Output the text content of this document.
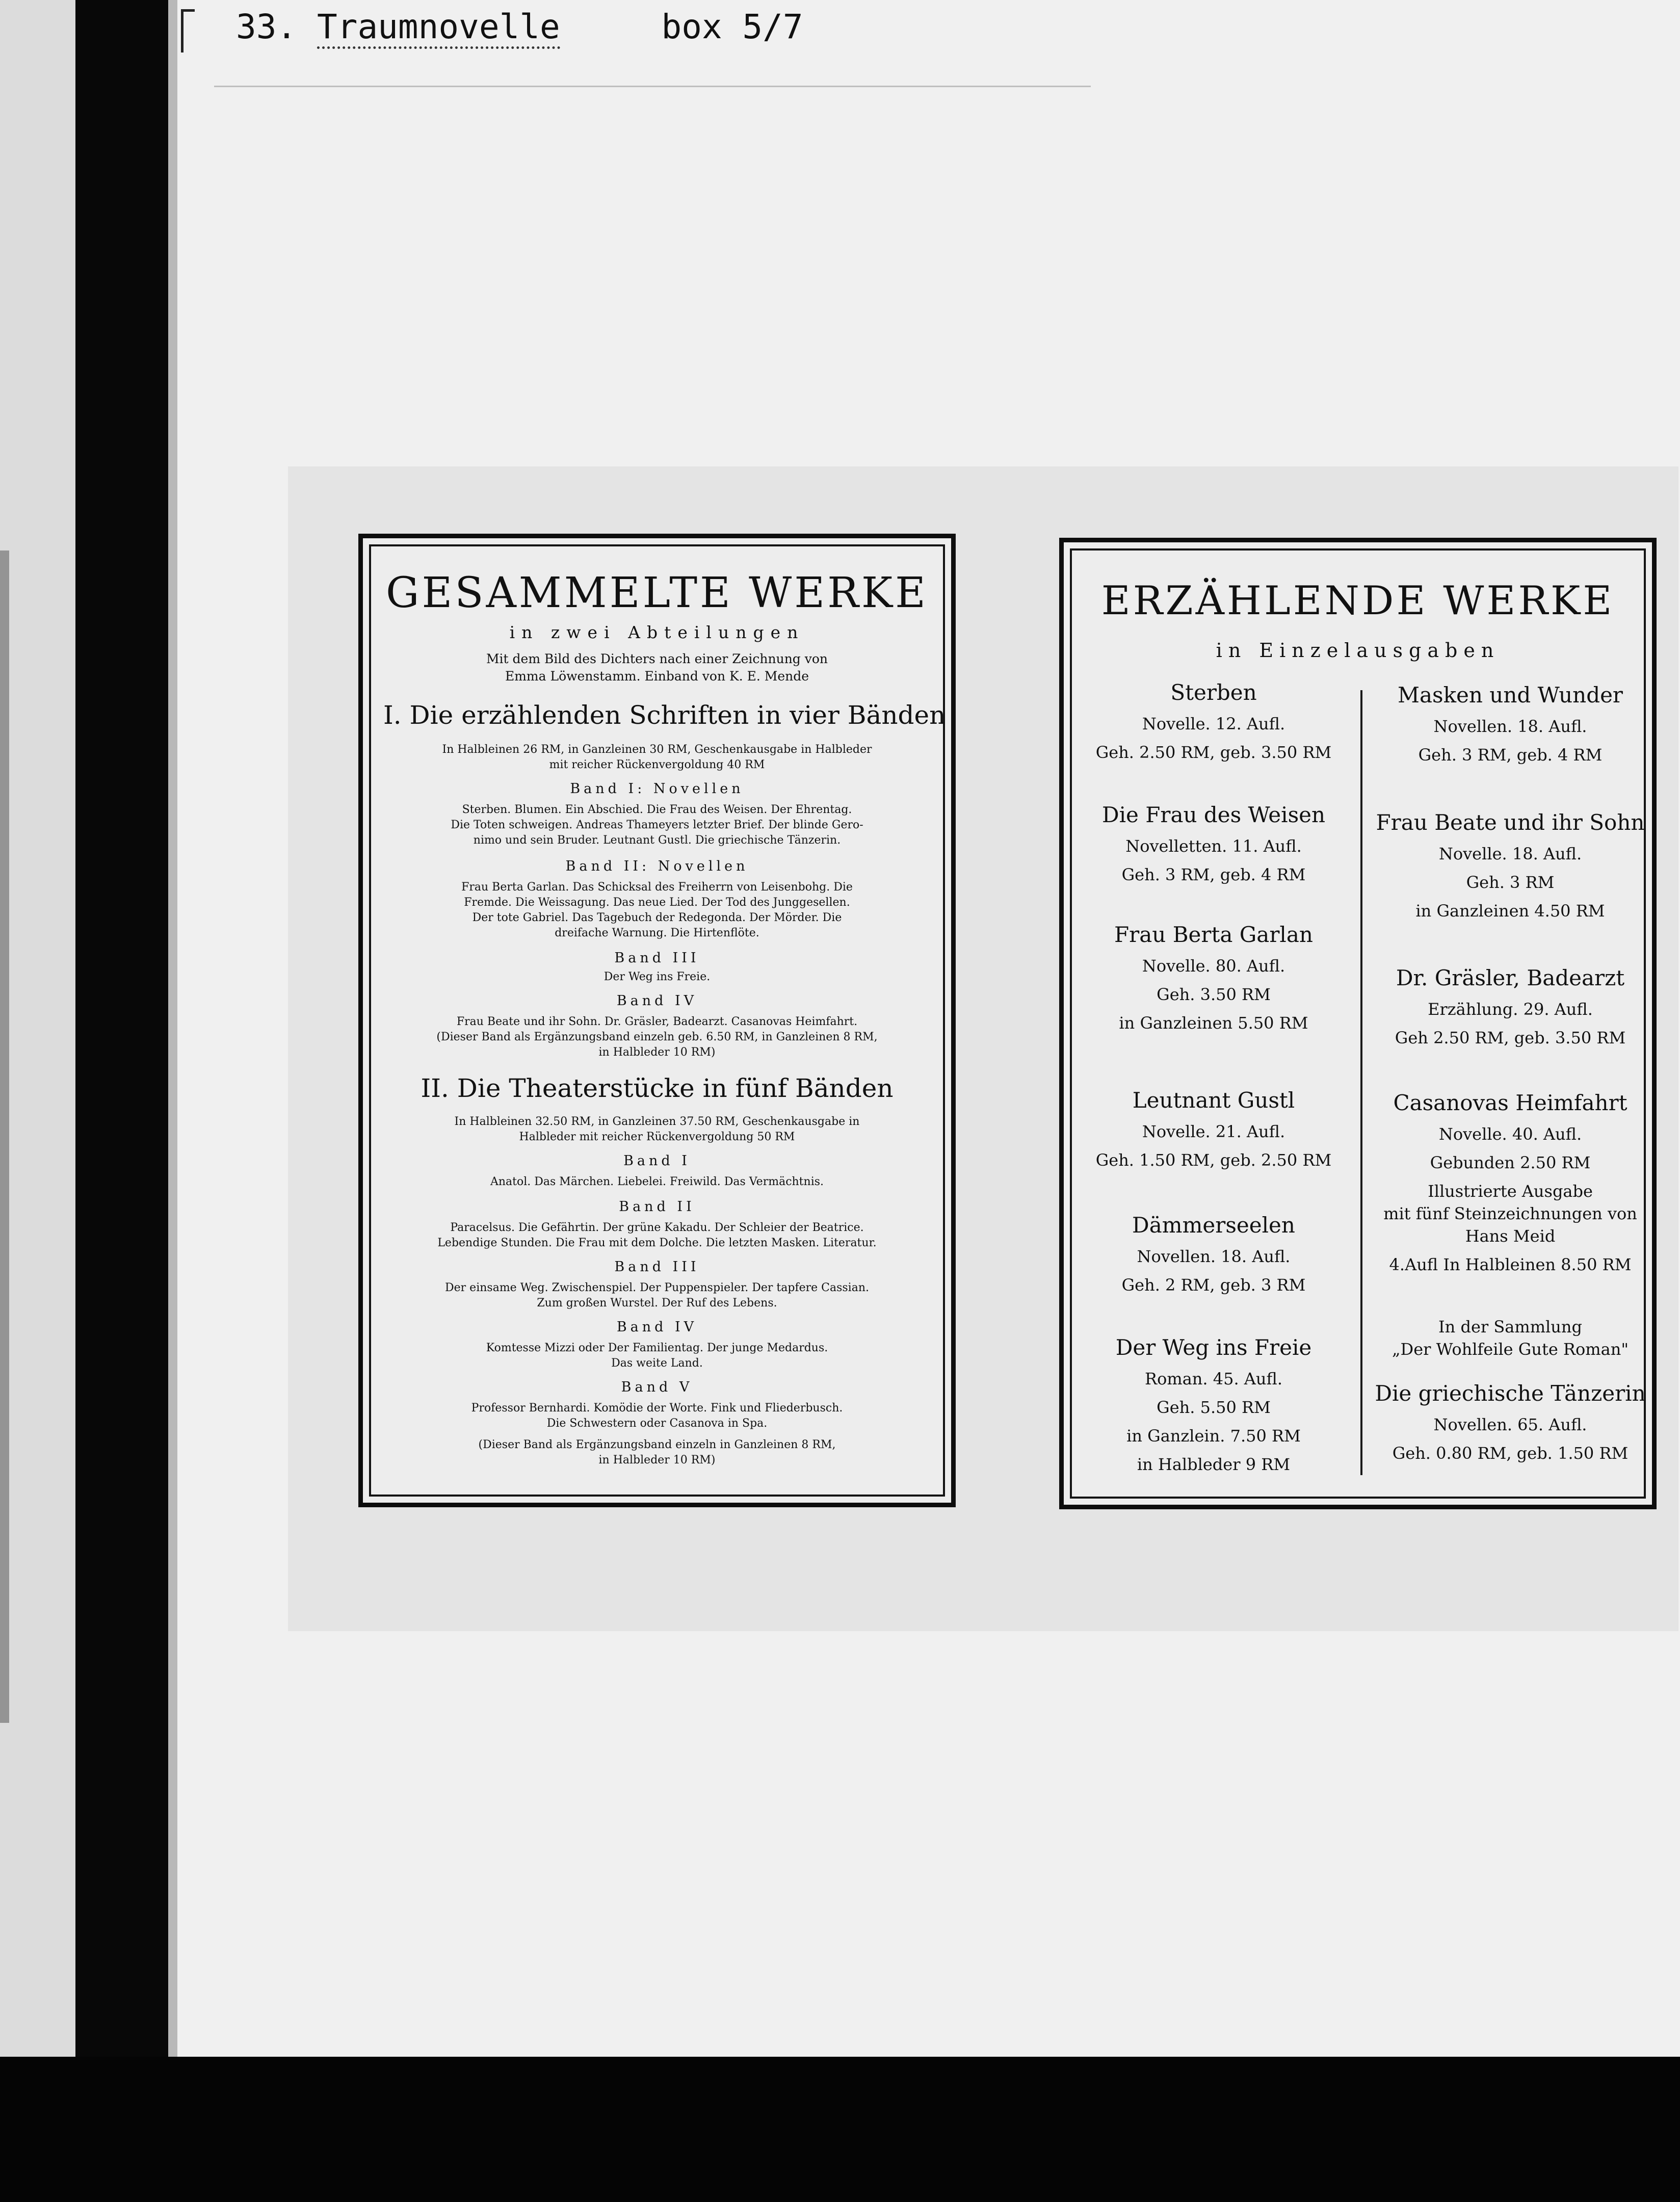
33. Traumnovelle	box 5/7
GESAMMELTE WERKE
in zwei Abteilungen
Mit dem Bild des Dichters nach einer Zeichnung von
Emma Löwenstamm. Einband von K. E. Mende
I. Die erzählenden Schriften in vier Bänden
In Halbleinen 26 RM, in Ganzleinen 30 RM, Geschenkausgabe in Halbleder
mit reicher Rückenvergoldung 40 RM
Band I: Novellen
Sterben. Blumen. Ein Abschied. Die Frau des Weisen. Der Ehrentag.
Die Toten schweigen. Andreas Thameyers letzter Brief. Der blinde Gero-
nimo und sein Bruder. Leutnant Gustl. Die griechische Tänzerin.
Band II: Novellen
Frau Berta Garlan. Das Schicksal des Freiherrn von Leisenbohg. Die
Fremde. Die Weissagung. Das neue Lied. Der Tod des Junggesellen.
Der tote Gabriel. Das Tagebuch der Redegonda. Der Mörder. Die
dreifache Warnung. Die Hirtenflöte.
Band III
Der Weg ins Freie.
Band IV
Frau Beate und ihr Sohn. Dr. Gräsler, Badearzt. Casanovas Heimfahrt.
(Dieser Band als Ergänzungsband einzeln geb. 6.50 RM, in Ganzleinen 8 RM,
in Halbleder 10 RM)
II. Die Theaterstücke in fünf Bänden
In Halbleinen 32.50 RM, in Ganzleinen 37.50 RM, Geschenkausgabe in
Halbleder mit reicher Rückenvergoldung 50 RM
Band I
Anatol. Das Märchen. Liebelei. Freiwild. Das Vermächtnis.
Band II
Paracelsus. Die Gefährtin. Der grüne Kakadu. Der Schleier der Beatrice.
Lebendige Stunden. Die Frau mit dem Dolche. Die letzten Masken. Literatur.
Band III
Der einsame Weg. Zwischenspiel. Der Puppenspieler. Der tapfere Cassian.
Zum großen Wurstel. Der Ruf des Lebens.
Band IV
Komtesse Mizzi oder Der Familientag. Der junge Medardus.
Das weite Land.
Band V
Professor Bernhardi. Komödie der Worte. Fink und Fliederbusch.
Die Schwestern oder Casanova in Spa.
(Dieser Band als Ergänzungsband einzeln in Ganzleinen 8 RM,
in Halbleder 10 RM)
ERZÄHLENDE WERKE
in Einzelausgaben
Sterben
Novelle. 12. Aufl.
Geh. 2.50 RM, geb. 3.50 RM
Die Frau des Weisen
Novelletten. 11. Aufl.
Geh. 3 RM, geb. 4 RM
Frau Berta Garlan
Novelle. 80. Aufl.
Geh. 3.50 RM
in Ganzleinen 5.50 RM
Leutnant Gustl
Novelle. 21. Aufl.
Geh. 1.50 RM, geb. 2.50 RM
Dämmerseelen
Novellen. 18. Aufl.
Geh. 2 RM, geb. 3 RM
Der Weg ins Freie
Roman. 45. Aufl.
Geh. 5.50 RM
in Ganzlein. 7.50 RM
in Halbleder 9 RM
Masken und Wunder
Novellen. 18. Aufl.
Geh. 3 RM, geb. 4 RM
Frau Beate und ihr Sohn
Novelle. 18. Aufl.
Geh. 3 RM
in Ganzleinen 4.50 RM
Dr. Gräsler, Badearzt
Erzählung. 29. Aufl.
Geh 2.50 RM, geb. 3.50 RM
Casanovas Heimfahrt
Novelle. 40. Aufl.
Gebunden 2.50 RM
Illustrierte Ausgabe
mit fünf Steinzeichnungen von
Hans Meid
4.Aufl In Halbleinen 8.50 RM
In der Sammlung
„Der Wohlfeile Gute Roman"
Die griechische Tänzerin
Novellen. 65. Aufl.
Geh. 0.80 RM, geb. 1.50 RM
